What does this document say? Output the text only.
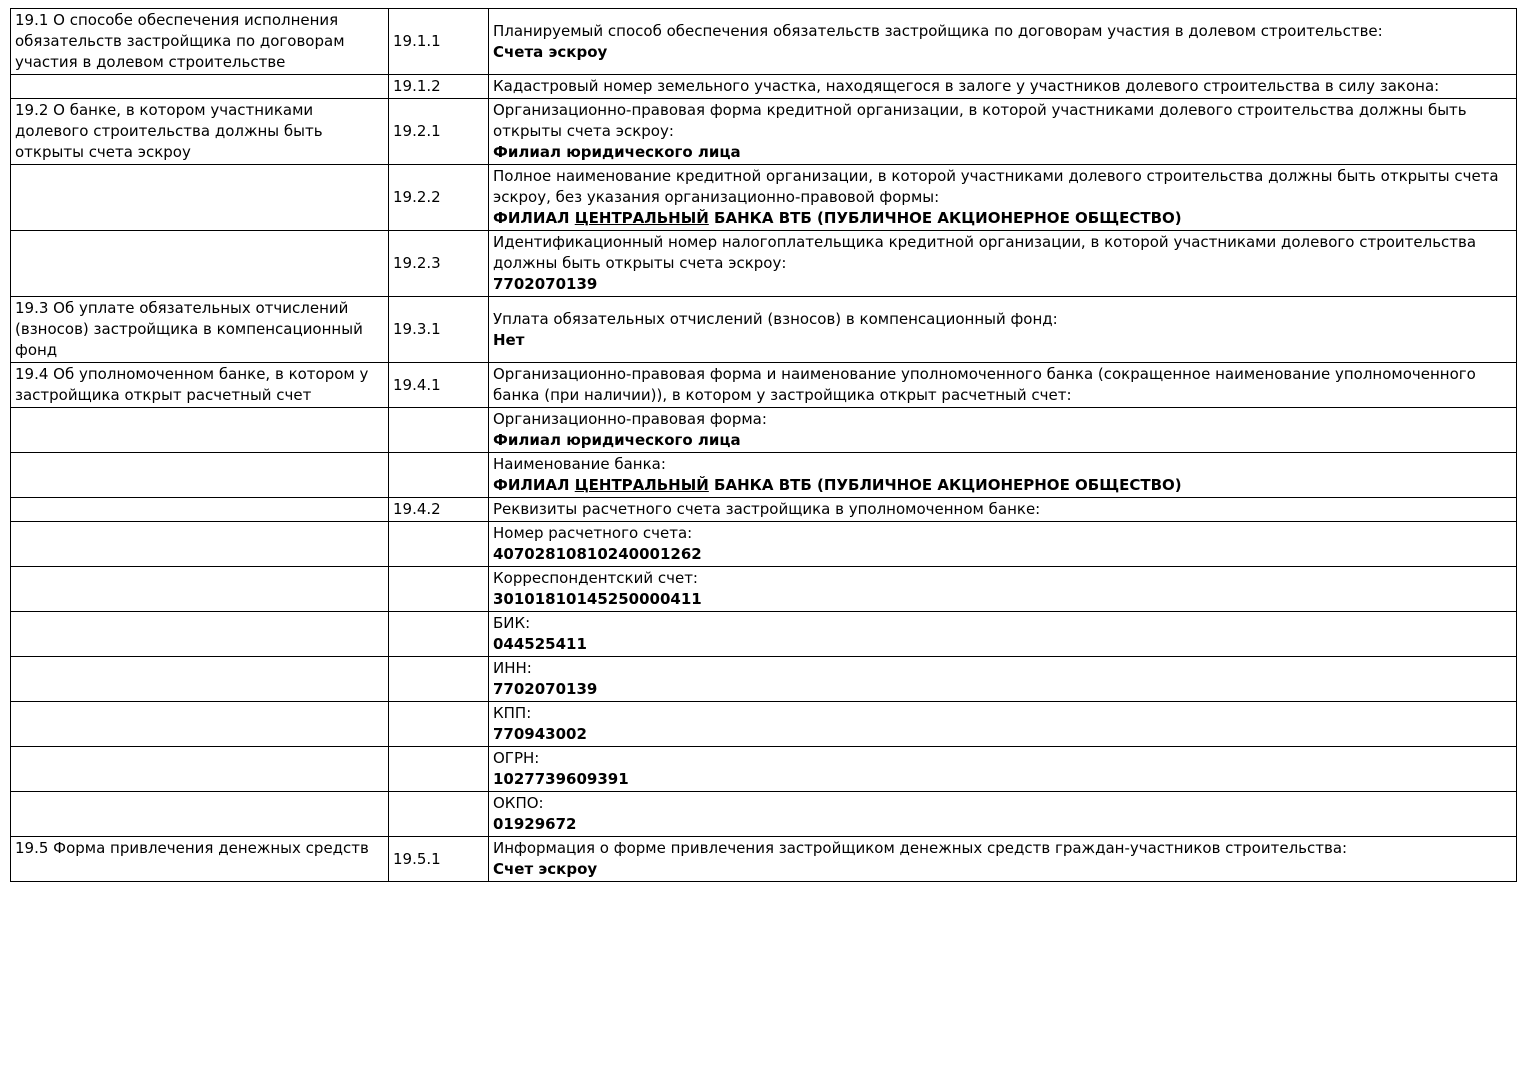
19.1 О способе обеспечения исполнения обязательств застройщика по договорам участия в долевом строительстве	19.1.1	Планируемый способ обеспечения обязательств застройщика по договорам участия в долевом строительстве:
Счета эскроу

	19.1.2	Кадастровый номер земельного участка, находящегося в залоге у участников долевого строительства в силу закона:

19.2 О банке, в котором участниками долевого строительства должны быть открыты счета эскроу	19.2.1	Организационно-правовая форма кредитной организации, в которой участниками долевого строительства должны быть открыты счета эскроу:
Филиал юридического лица

	19.2.2	Полное наименование кредитной организации, в которой участниками долевого строительства должны быть открыты счета эскроу, без указания организационно-правовой формы:
ФИЛИАЛ ЦЕНТРАЛЬНЫЙ БАНКА ВТБ (ПУБЛИЧНОЕ АКЦИОНЕРНОЕ ОБЩЕСТВО)

	19.2.3	Идентификационный номер налогоплательщика кредитной организации, в которой участниками долевого строительства должны быть открыты счета эскроу:
7702070139

19.3 Об уплате обязательных отчислений (взносов) застройщика в компенсационный фонд	19.3.1	Уплата обязательных отчислений (взносов) в компенсационный фонд:
Нет

19.4 Об уполномоченном банке, в котором у застройщика открыт расчетный счет	19.4.1	Организационно-правовая форма и наименование уполномоченного банка (сокращенное наименование уполномоченного банка (при наличии)), в котором у застройщика открыт расчетный счет:

		Организационно-правовая форма:
Филиал юридического лица

		Наименование банка:
ФИЛИАЛ ЦЕНТРАЛЬНЫЙ БАНКА ВТБ (ПУБЛИЧНОЕ АКЦИОНЕРНОЕ ОБЩЕСТВО)

	19.4.2	Реквизиты расчетного счета застройщика в уполномоченном банке:

		Номер расчетного счета:
40702810810240001262

		Корреспондентский счет:
30101810145250000411

		БИК:
044525411

		ИНН:
7702070139

		КПП:
770943002

		ОГРН:
1027739609391

		ОКПО:
01929672

19.5 Форма привлечения денежных средств	19.5.1	Информация о форме привлечения застройщиком денежных средств граждан-участников строительства:
Счет эскроу
